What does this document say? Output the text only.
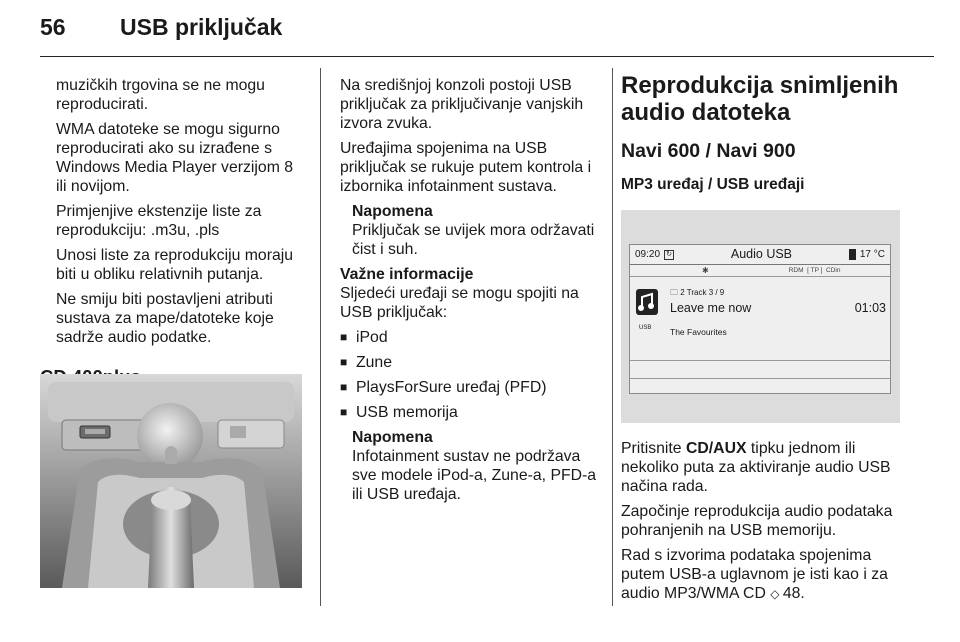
56	USB priključak

muzičkih trgovina se ne mogu reproducirati.

WMA datoteke se mogu sigurno reproducirati ako su izrađene s Windows Media Player verzijom 8 ili novijom.

Primjenjive ekstenzije liste za reprodukciju: .m3u, .pls

Unosi liste za reprodukciju moraju biti u obliku relativnih putanja.

Ne smiju biti postavljeni atributi sustava za mape/datoteke koje sadrže audio podatke.

Na središnjoj konzoli postoji USB priključak za priključivanje vanjskih izvora zvuka.

Uređajima spojenima na USB priključak se rukuje putem kontrola i izbornika infotainment sustava.

Napomena

Priključak se uvijek mora održavati čist i suh.

Važne informacije

Sljedeći uređaji se mogu spojiti na USB priključak:

■ iPod
■ Zune
■ PlaysForSure uređaj (PFD)
■ USB memorija
Napomena

Infotainment sustav ne podržava sve modele iPod-a, Zune-a, PFD-a ili USB uređaja.

Reprodukcija snimljenih audio datoteka
Navi 600 / Navi 900
MP3 uređaj / USB uređaji
09:20 ↻	Audio USB	17 °C
✱	RDM  [ TP ]  CDin
USB
🗀 2 Track 3 / 9
Leave me now	01:03
The Favourites

Pritisnite CD/AUX tipku jednom ili nekoliko puta za aktiviranje audio USB načina rada.

Započinje reprodukcija audio podataka pohranjenih na USB memoriju.

Rad s izvorima podataka spojenima putem USB-a uglavnom je isti kao i za audio MP3/WMA CD ◇ 48.
